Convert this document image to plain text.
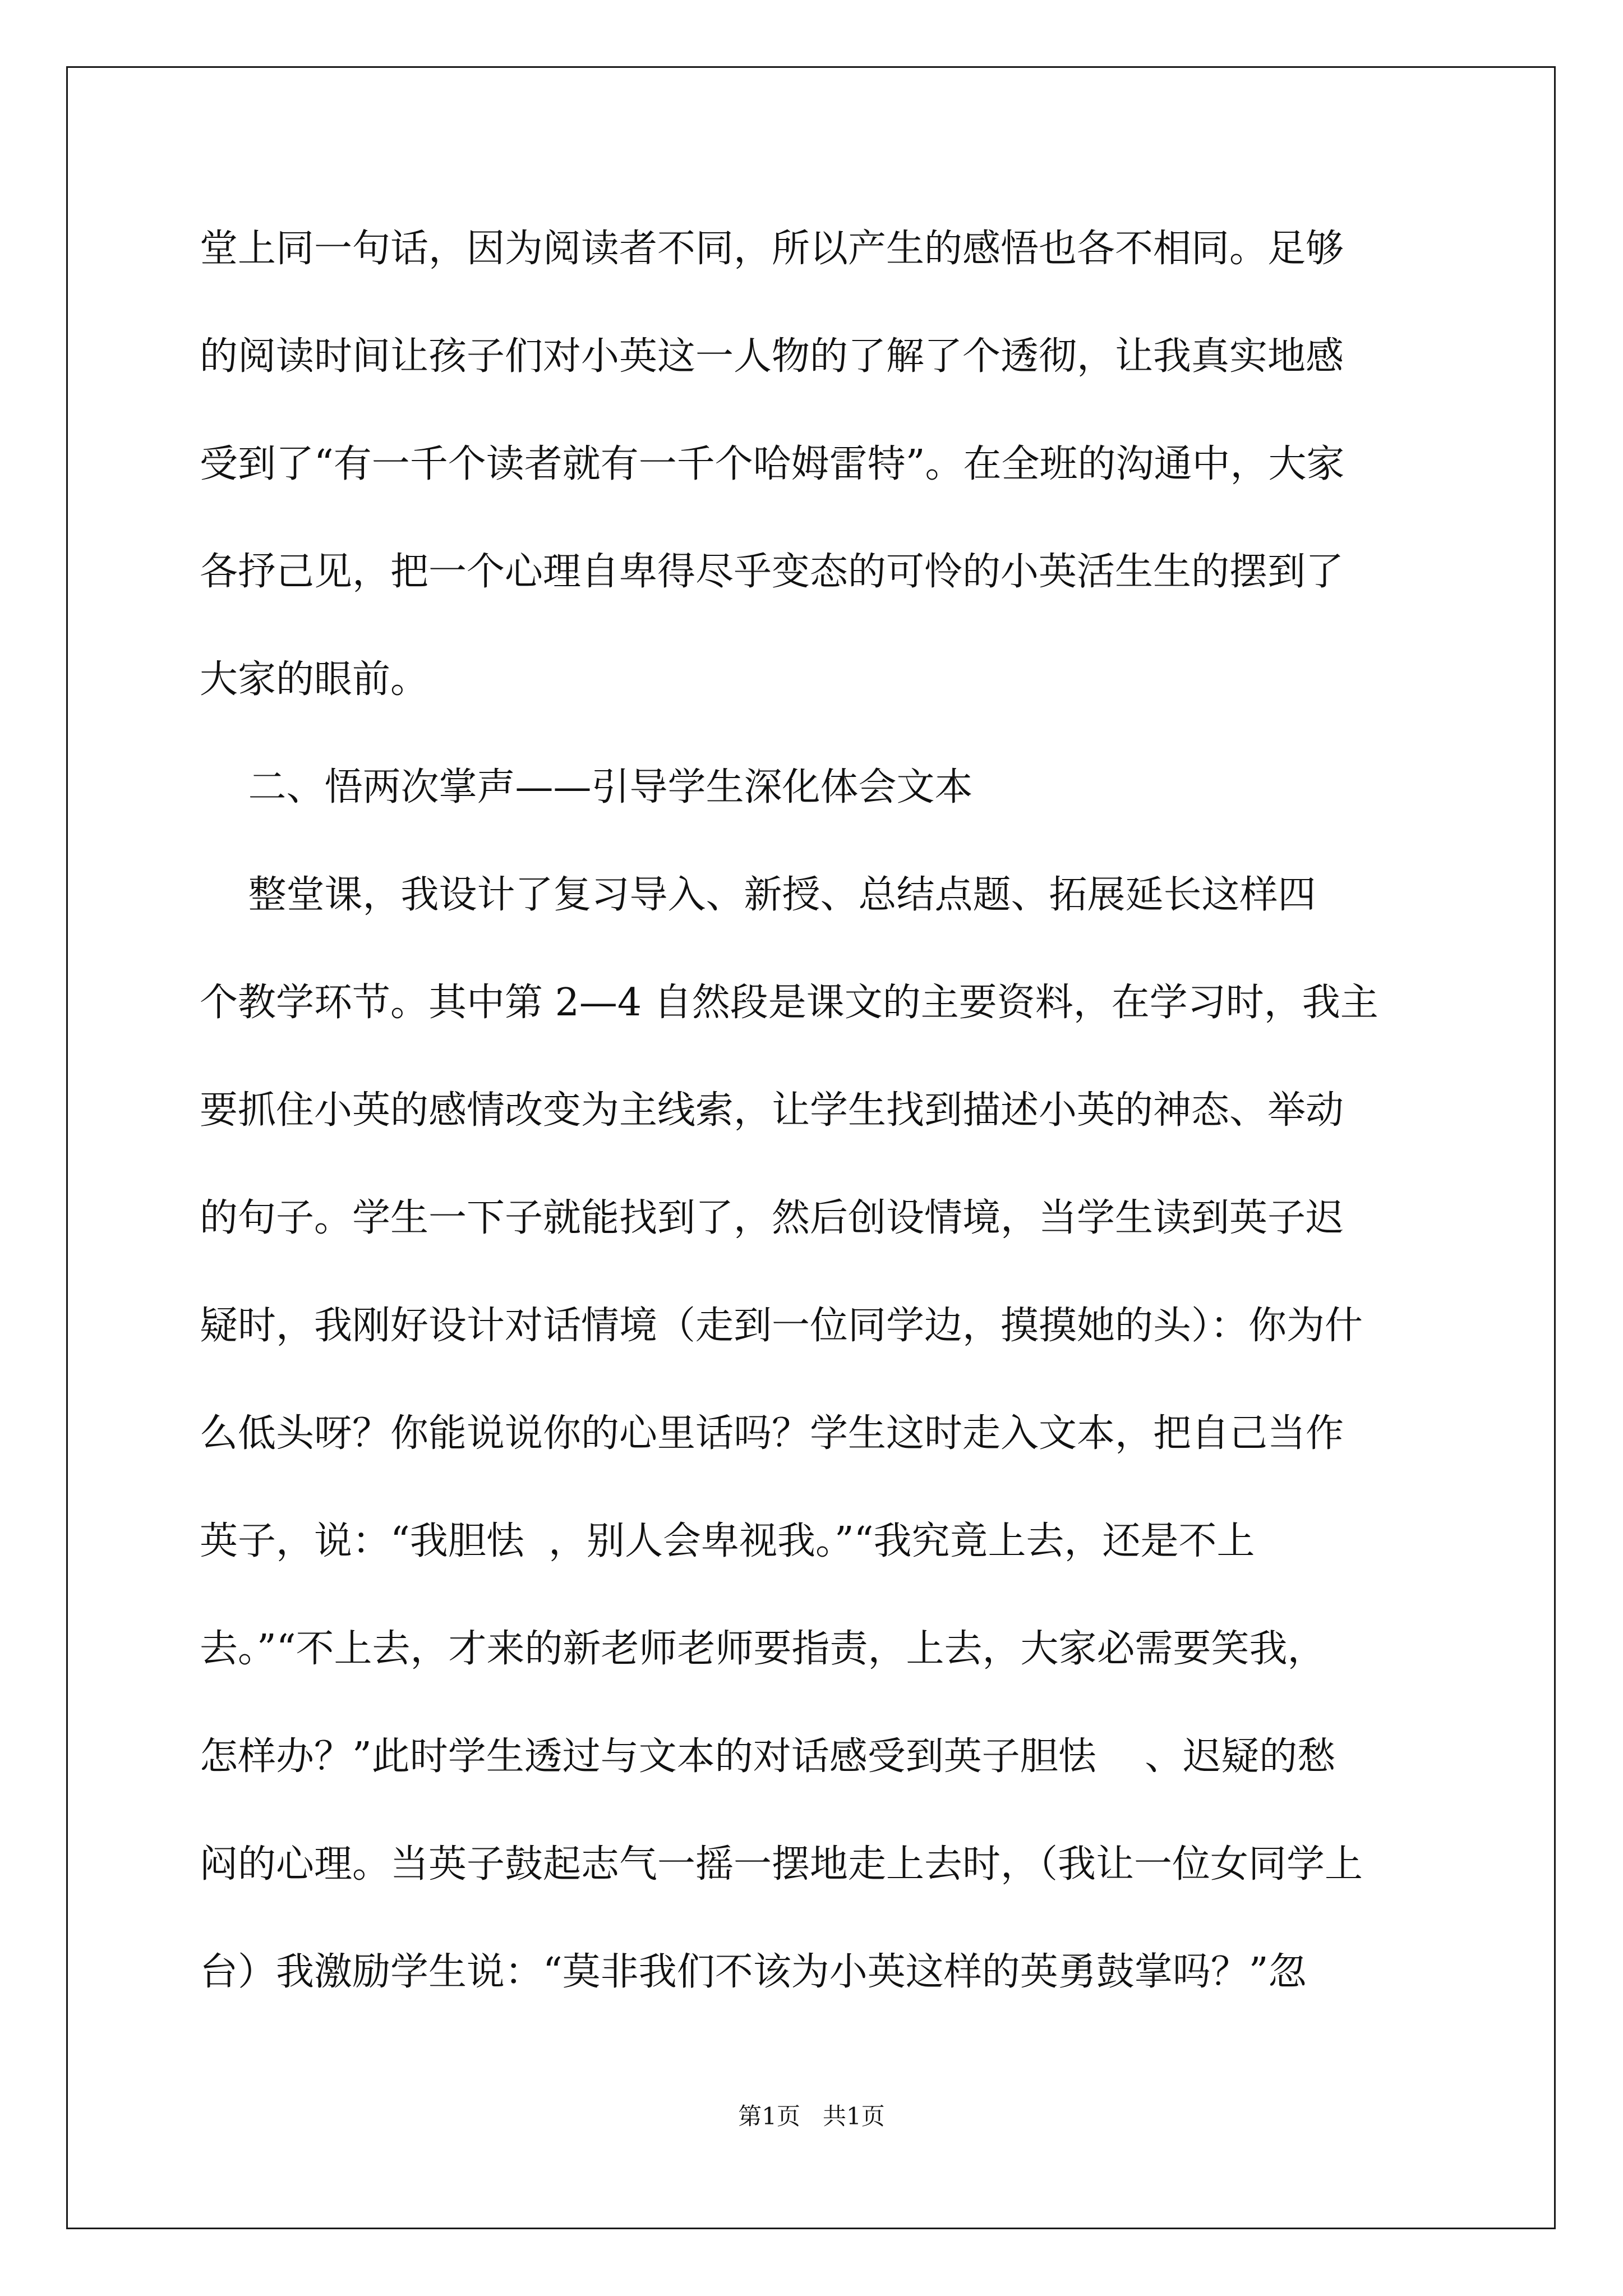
堂上同一句话，因为阅读者不同，所以产生的感悟也各不相同。足够
的阅读时间让孩子们对小英这一人物的了解了个透彻，让我真实地感
受到了“有一千个读者就有一千个哈姆雷特”。在全班的沟通中，大家
各抒己见，把一个心理自卑得尽乎变态的可怜的小英活生生的摆到了
大家的眼前。
二、悟两次掌声——引导学生深化体会文本
整堂课，我设计了复习导入、新授、总结点题、拓展延长这样四
个教学环节。其中第 2—4 自然段是课文的主要资料，在学习时，我主
要抓住小英的感情改变为主线索，让学生找到描述小英的神态、举动
的句子。学生一下子就能找到了，然后创设情境，当学生读到英子迟
疑时，我刚好设计对话情境（走到一位同学边，摸摸她的头）：你为什
么低头呀？你能说说你的心里话吗？学生这时走入文本，把自己当作
英子，说：“我胆怯  ，别人会卑视我。”“我究竟上去，还是不上
去。”“不上去，才来的新老师老师要指责，上去，大家必需要笑我，
怎样办？”此时学生透过与文本的对话感受到英子胆怯    、迟疑的愁
闷的心理。当英子鼓起志气一摇一摆地走上去时，（我让一位女同学上
台）我激励学生说：“莫非我们不该为小英这样的英勇鼓掌吗？”忽
第1页   共1页
